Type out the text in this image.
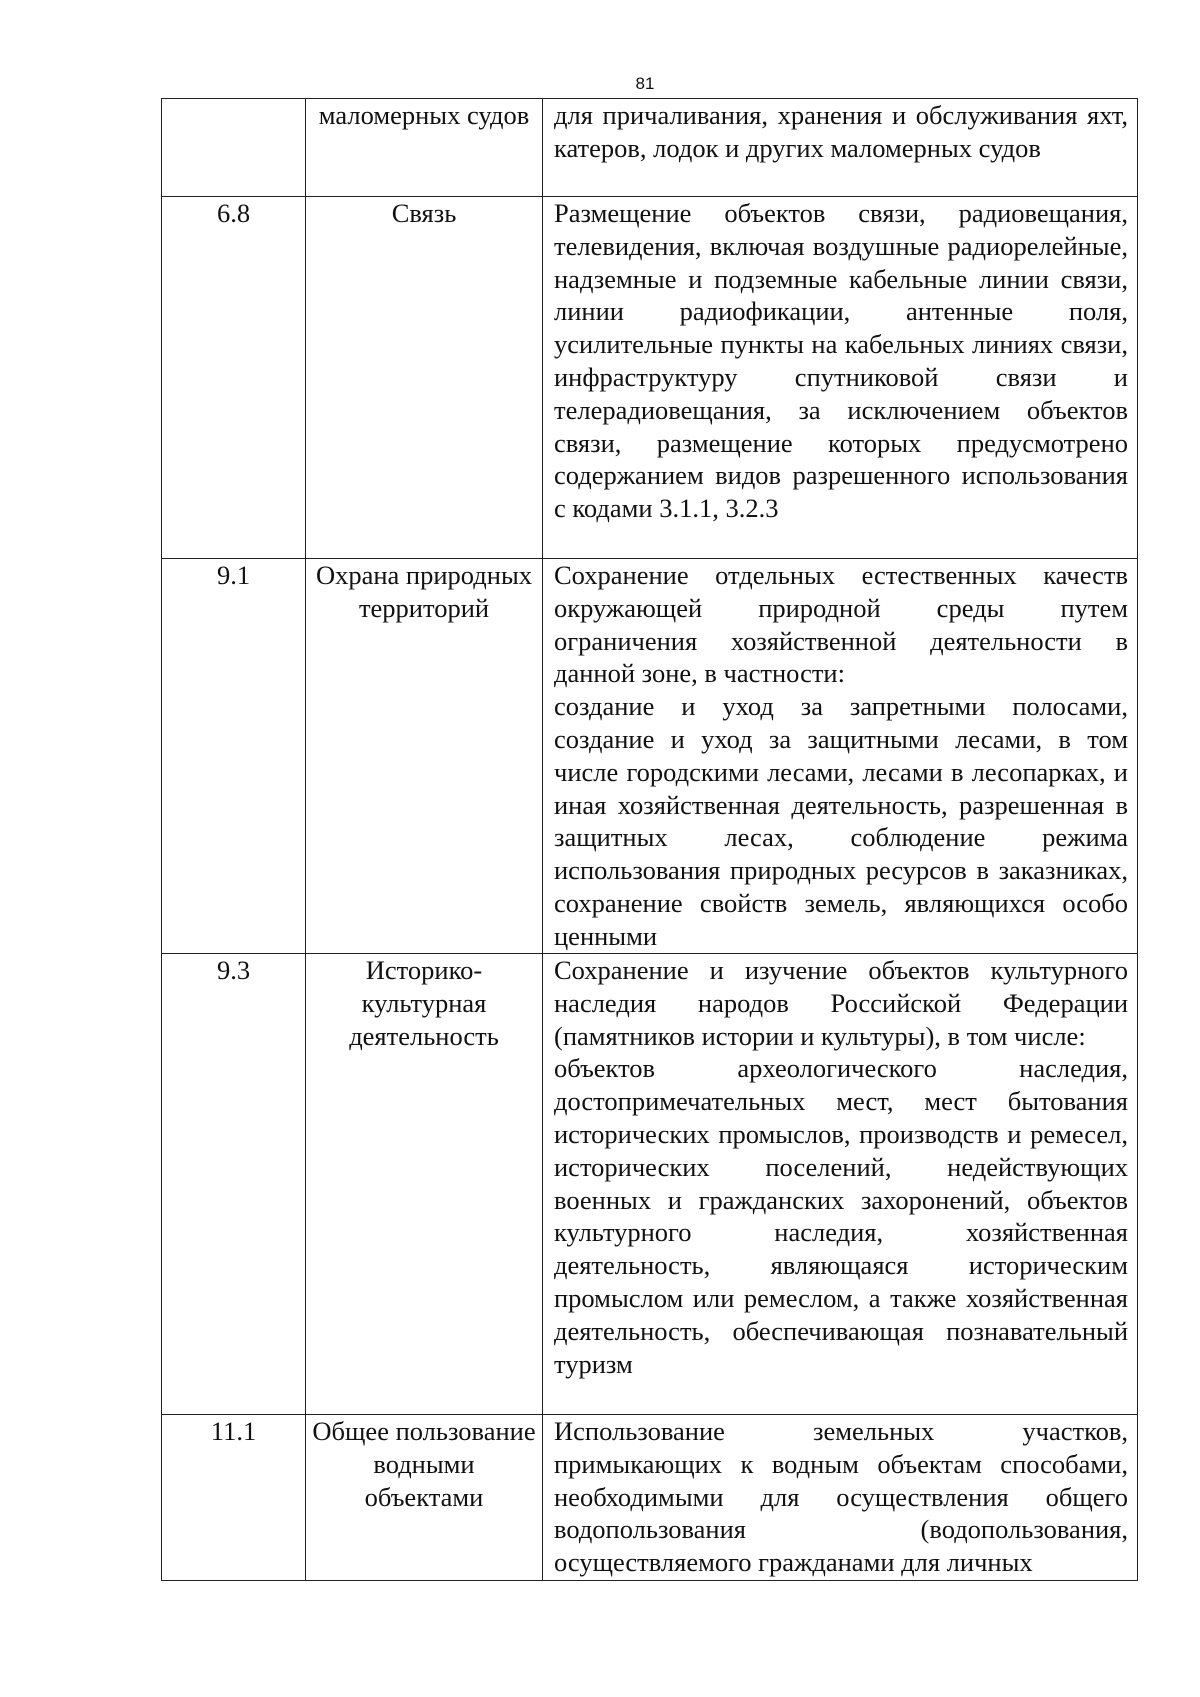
81

	маломерных судов	для причаливания, хранения и обслуживания яхт, катеров, лодок и других маломерных судов

6.8	Связь	Размещение объектов связи, радиовещания, телевидения, включая воздушные радиорелейные, надземные и подземные кабельные линии связи, линии радиофикации, антенные поля, усилительные пункты на кабельных линиях связи, инфраструктуру спутниковой связи и телерадиовещания, за исключением объектов связи, размещение которых предусмотрено содержанием видов разрешенного использования с кодами 3.1.1, 3.2.3

9.1	Охрана природных территорий	Сохранение отдельных естественных качеств окружающей природной среды путем ограничения хозяйственной деятельности в данной зоне, в частности:

создание и уход за запретными полосами, создание и уход за защитными лесами, в том числе городскими лесами, лесами в лесопарках, и иная хозяйственная деятельность, разрешенная в защитных лесах, соблюдение режима использования природных ресурсов в заказниках, сохранение свойств земель, являющихся особо ценными

9.3	Историко-культурная деятельность	Сохранение и изучение объектов культурного наследия народов Российской Федерации (памятников истории и культуры), в том числе:

объектов археологического наследия, достопримечательных мест, мест бытования исторических промыслов, производств и ремесел, исторических поселений, недействующих военных и гражданских захоронений, объектов культурного наследия, хозяйственная деятельность, являющаяся историческим промыслом или ремеслом, а также хозяйственная деятельность, обеспечивающая познавательный туризм

11.1	Общее пользование водными объектами	Использование земельных участков, примыкающих к водным объектам способами, необходимыми для осуществления общего водопользования (водопользования, осуществляемого гражданами для личных
